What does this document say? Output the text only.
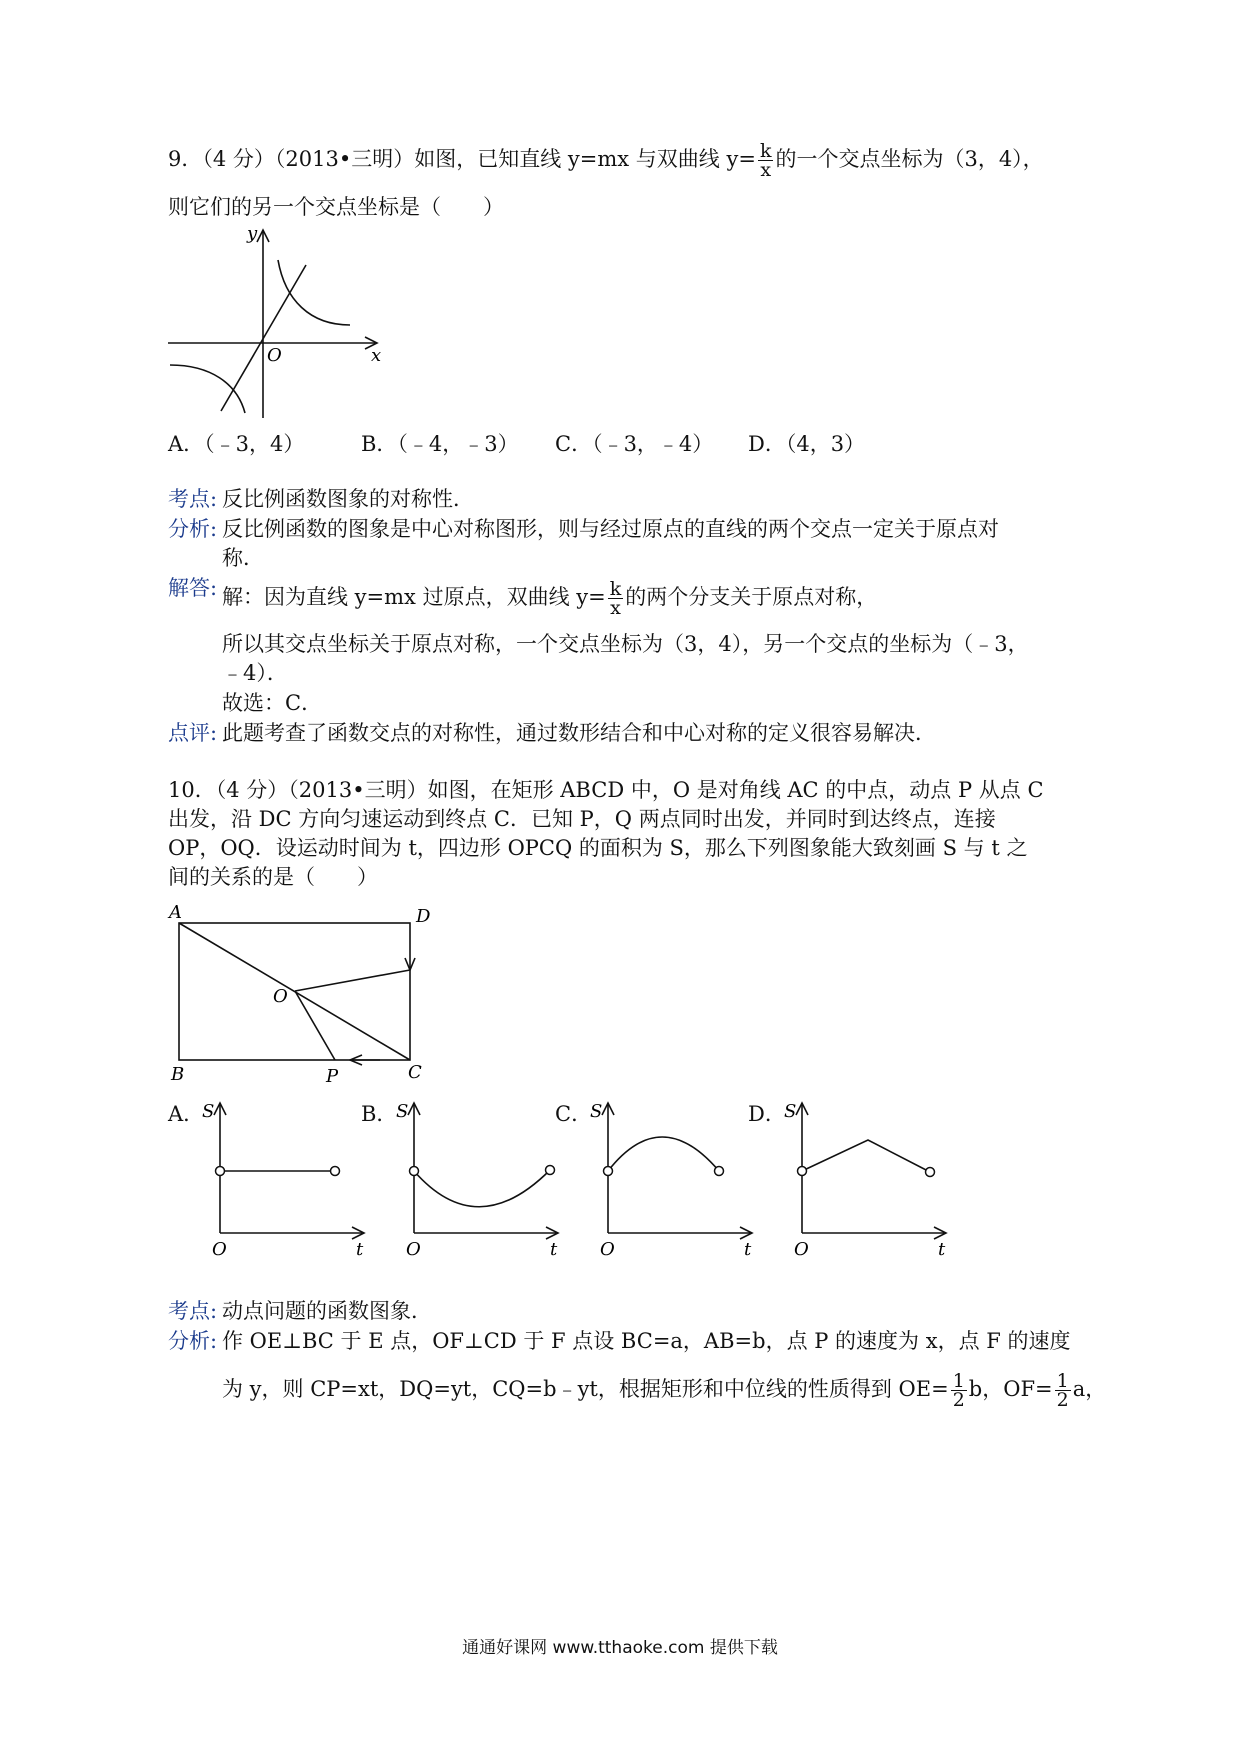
9．（4 分）（2013•三明）如图，已知直线 y=mx 与双曲线 $y= \frac{k}{x}$ 的一个交点坐标为（3，4），
则它们的另一个交点坐标是（　　）
y
x
O
A．（﹣3，4）	B．（﹣4，﹣3） C．（﹣3，﹣4） D．（4，3）
考点: 反比例函数图象的对称性．
分析: 反比例函数的图象是中心对称图形，则与经过原点的直线的两个交点一定关于原点对
称．
解答: 解：因为直线 y=mx 过原点，双曲线 $y= \frac{k}{x}$ 的两个分支关于原点对称，
所以其交点坐标关于原点对称，一个交点坐标为（3，4），另一个交点的坐标为（﹣3，
﹣4）．
故选：C．
点评: 此题考查了函数交点的对称性，通过数形结合和中心对称的定义很容易解决．
10．（4 分）（2013•三明）如图，在矩形 ABCD 中，O 是对角线 AC 的中点，动点 P 从点 C
出发，沿 DC 方向匀速运动到终点 C．已知 P，Q 两点同时出发，并同时到达终点，连接
OP，OQ．设运动时间为 t，四边形 OPCQ 的面积为 S，那么下列图象能大致刻画 S 与 t 之
间的关系的是（　　）
A	D
B	C
O
P
A．	B．	C．	D．
S
O	t
S
O	t
S
O	t
S
O	t
考点: 动点问题的函数图象．
分析: 作 OE⊥BC 于 E 点，OF⊥CD 于 F 点设 BC=a，AB=b，点 P 的速度为 x，点 F 的速度
为 y，则 CP=xt，DQ=yt，CQ=b﹣yt，根据矩形和中位线的性质得到 $OE= \frac{1}{2}$ b，$OF= \frac{1}{2}$ a，
通通好课网 www.tthaoke.com 提供下载
